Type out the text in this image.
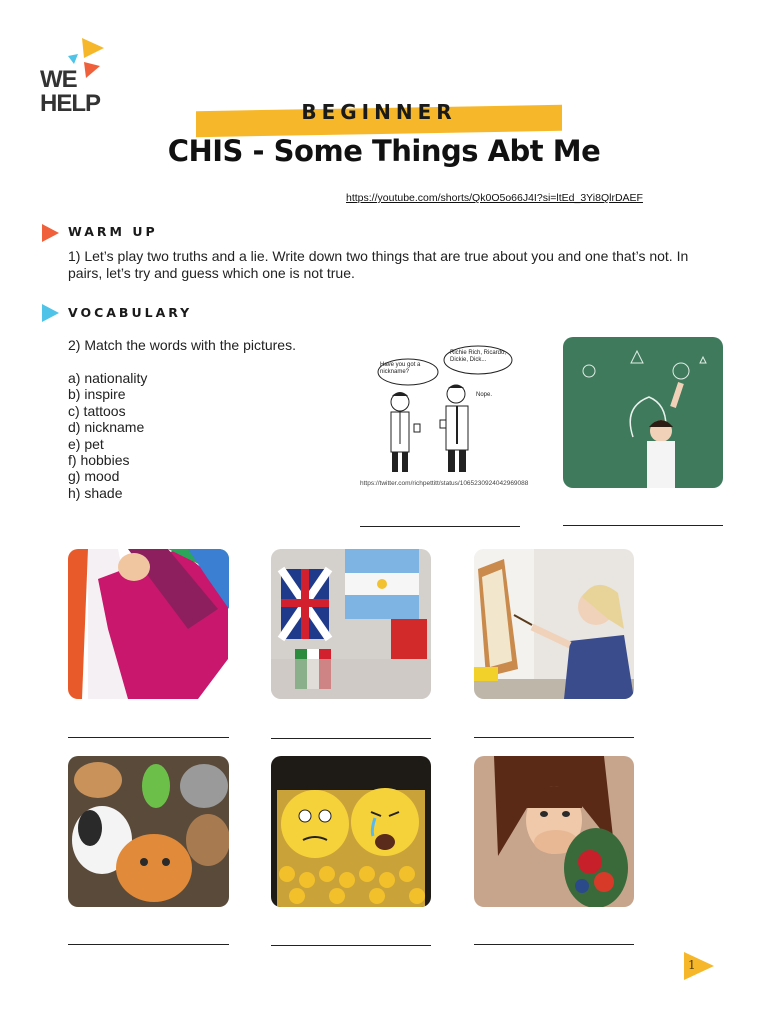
WE
HELP	BEGINNER
CHIS - Some Things Abt Me
https://youtube.com/shorts/Qk0O5o66J4I?si=ltEd_3Yi8QlrDAEF
WARM UP
1) Let’s play two truths and a lie. Write down two things that are true about you and one that’s not. In pairs, let’s try and guess which one is not true.
VOCABULARY
2) Match the words with the pictures.
a) nationality
b) inspire
c) tattoos
d) nickname
e) pet
f) hobbies
g) mood
h) shade
Have you got a nickname?
Richie Rich, Ricardo, Dickie, Dick...
Nope.
https://twitter.com/richpettitt/status/1065230924042969088
1
